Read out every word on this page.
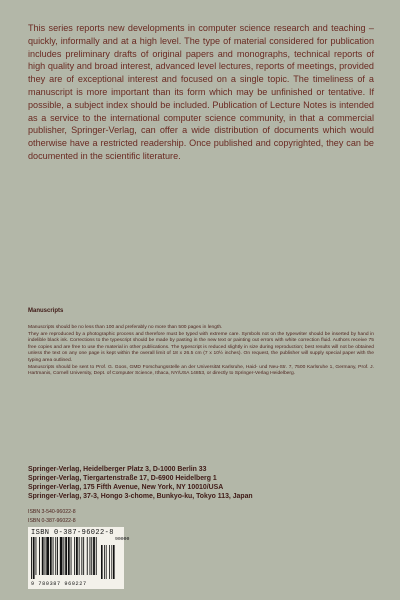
This series reports new developments in computer science research and teaching – quickly, informally and at a high level. The type of material considered for publication includes preliminary drafts of original papers and monographs, technical reports of high quality and broad interest, advanced level lectures, reports of meetings, provided they are of exceptional interest and focused on a single topic. The timeliness of a manuscript is more important than its form which may be unfinished or tentative. If possible, a subject index should be included. Publication of Lecture Notes is intended as a service to the international computer science community, in that a commercial publisher, Springer-Verlag, can offer a wide distribution of documents which would otherwise have a restricted readership. Once published and copyrighted, they can be documented in the scientific literature.
Manuscripts

Manuscripts should be no less than 100 and preferably no more than 500 pages in length.

They are reproduced by a photographic process and therefore must be typed with extreme care. Symbols not on the typewriter should be inserted by hand in indelible black ink. Corrections to the typescript should be made by pasting in the new text or painting out errors with white correction fluid. Authors receive 75 free copies and are free to use the material in other publications. The typescript is reduced slightly in size during reproduction; best results will not be obtained unless the text on any one page is kept within the overall limit of 18 x 26.5 cm (7 x 10½ inches). On request, the publisher will supply special paper with the typing area outlined.

Manuscripts should be sent to Prof. G. Goos, GMD Forschungsstelle an der Universität Karlsruhe, Haid- und Neu-Str. 7, 7500 Karlsruhe 1, Germany, Prof. J. Hartmanis, Cornell University, Dept. of Computer Science, Ithaca, NY/USA 14853, or directly to Springer-Verlag Heidelberg.

Springer-Verlag, Heidelberger Platz 3, D-1000 Berlin 33
Springer-Verlag, Tiergartenstraße 17, D-6900 Heidelberg 1
Springer-Verlag, 175 Fifth Avenue, New York, NY 10010/USA
Springer-Verlag, 37-3, Hongo 3-chome, Bunkyo-ku, Tokyo 113, Japan
ISBN 3-540-96022-8
ISBN 0-387-96022-8
ISBN 0-387-96022-8
90000
9 780387 960227
